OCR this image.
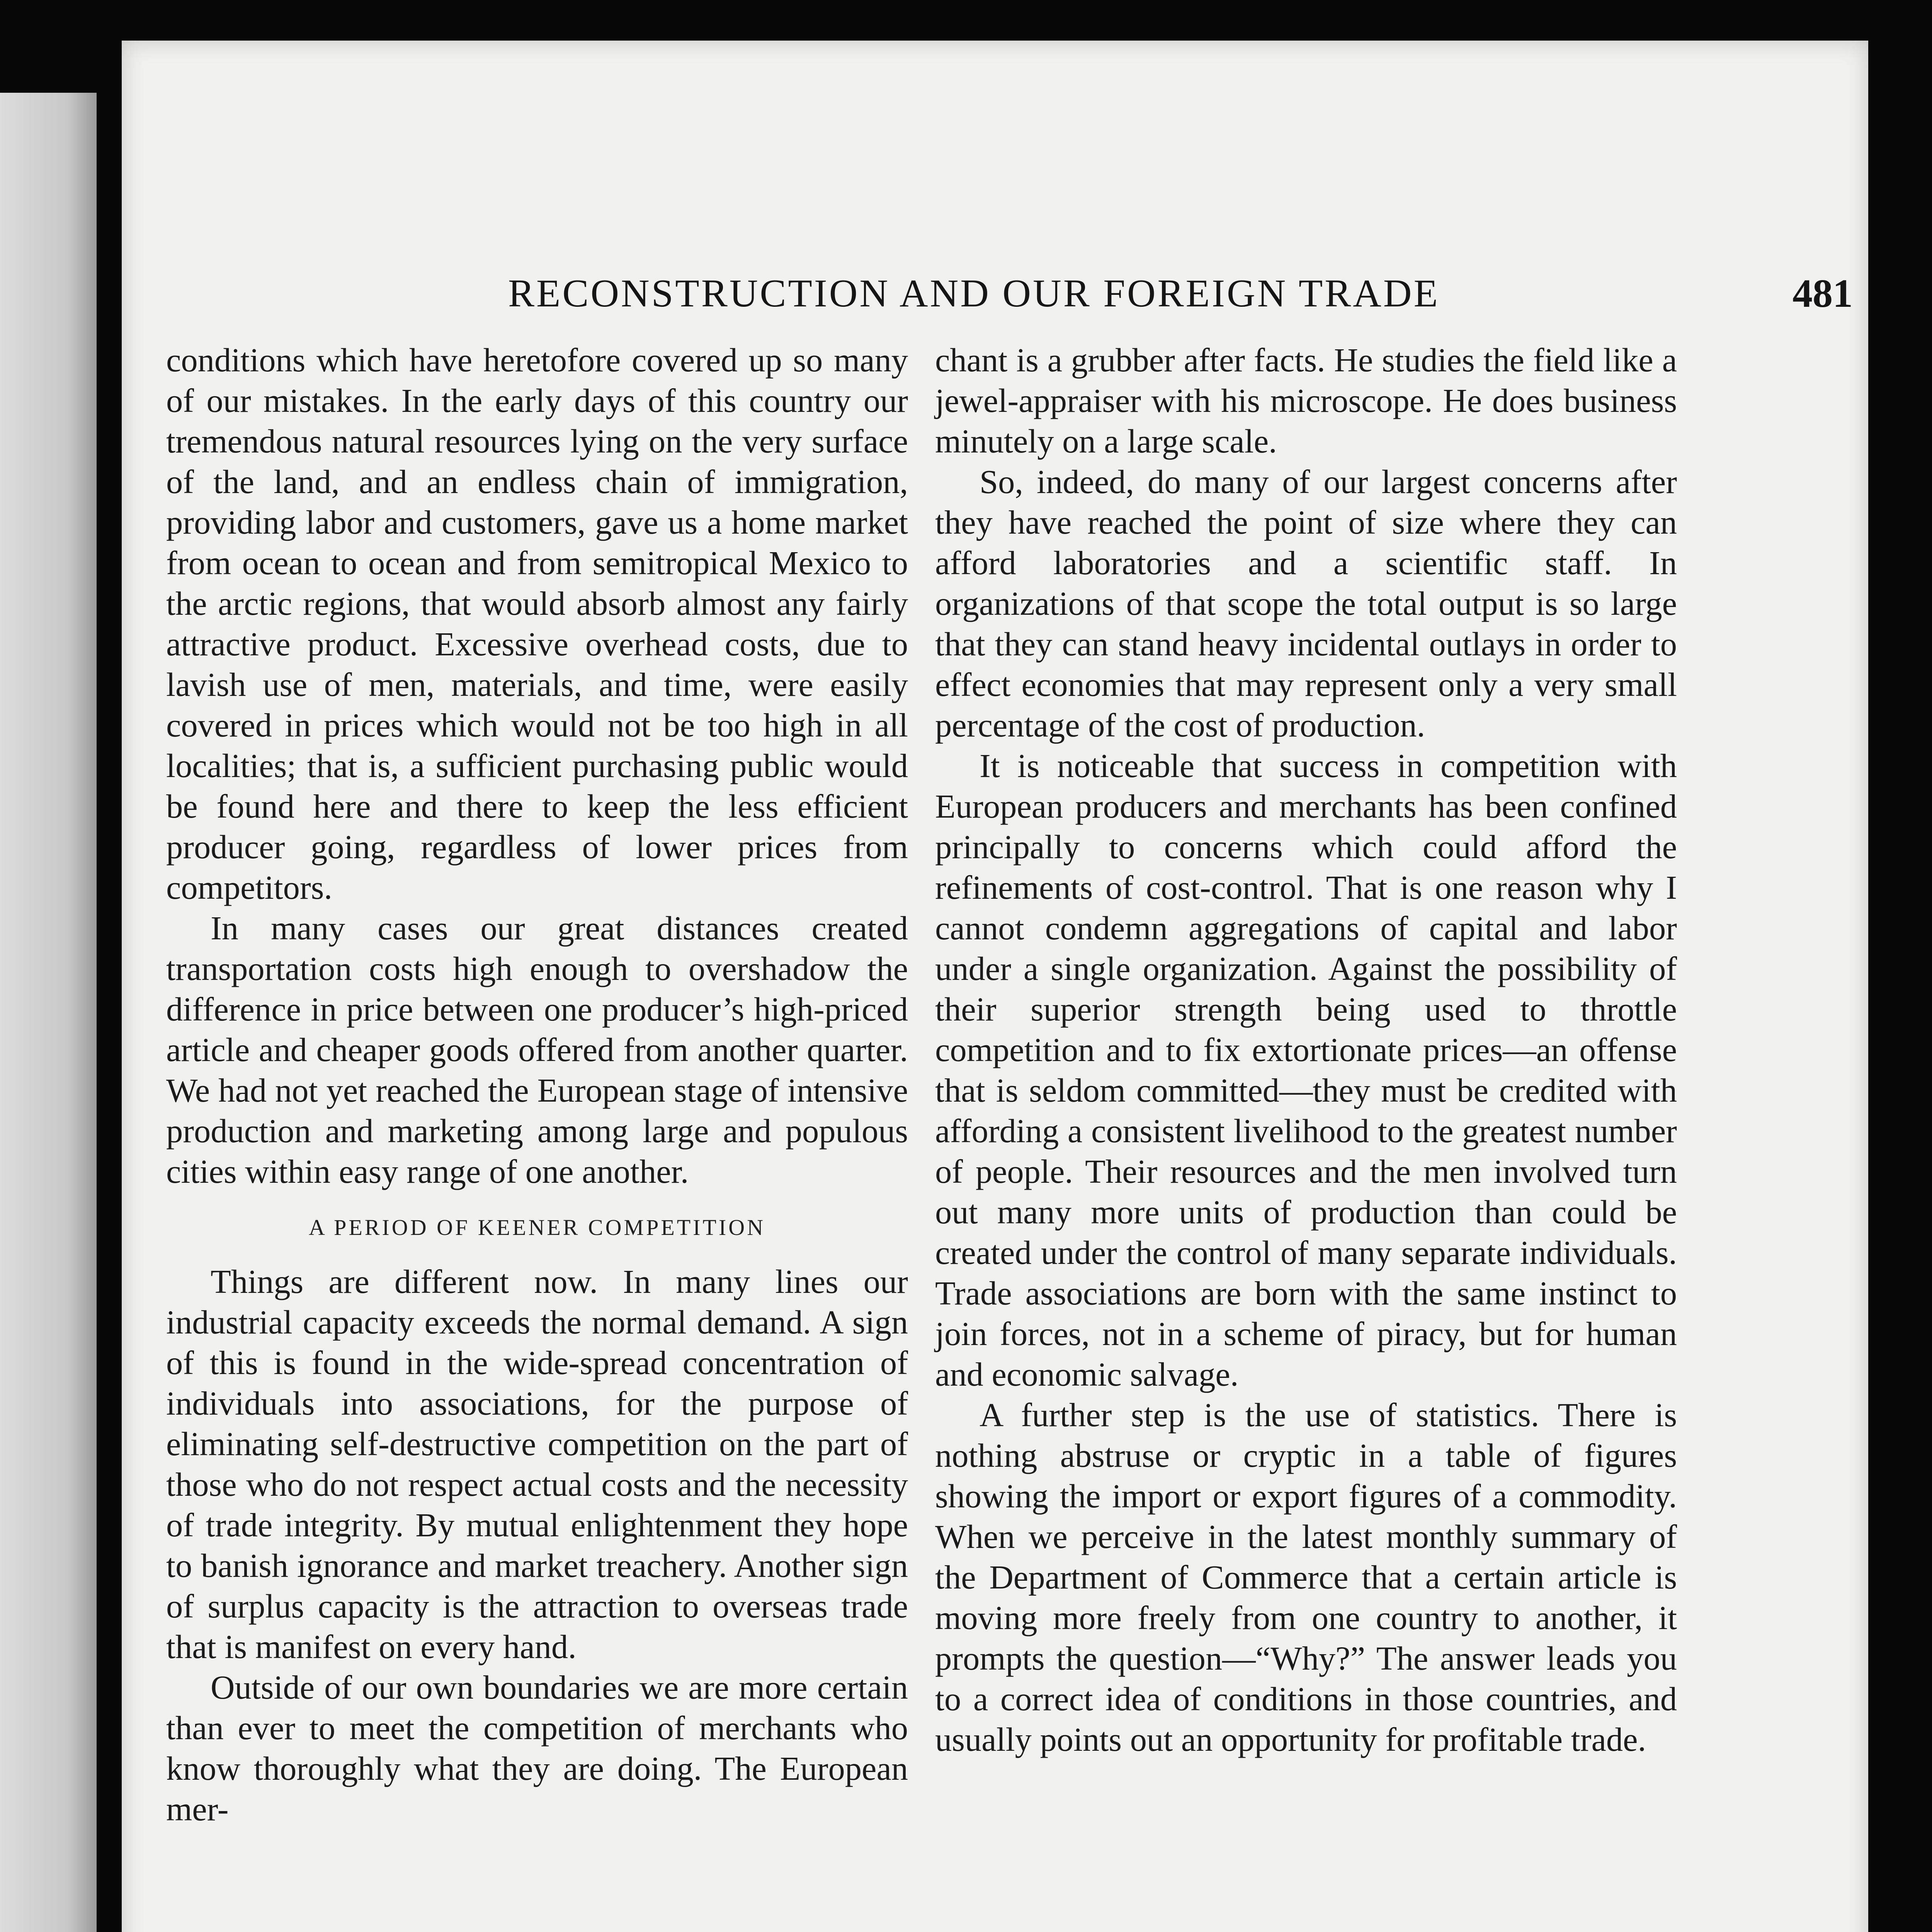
RECONSTRUCTION AND OUR FOREIGN TRADE	481

conditions which have heretofore covered up so many of our mistakes. In the early days of this country our tremendous natural resources lying on the very surface of the land, and an endless chain of immigration, providing labor and customers, gave us a home market from ocean to ocean and from semitropical Mexico to the arctic regions, that would absorb almost any fairly attractive product. Excessive overhead costs, due to lavish use of men, materials, and time, were easily covered in prices which would not be too high in all localities; that is, a sufficient purchasing public would be found here and there to keep the less efficient producer going, regardless of lower prices from competitors.

In many cases our great distances created transportation costs high enough to overshadow the difference in price between one producer’s high-priced article and cheaper goods offered from another quarter. We had not yet reached the European stage of intensive production and marketing among large and populous cities within easy range of one another.

A PERIOD OF KEENER COMPETITION

Things are different now. In many lines our industrial capacity exceeds the normal demand. A sign of this is found in the wide-spread concentration of individuals into associations, for the purpose of eliminating self-destructive competition on the part of those who do not respect actual costs and the necessity of trade integrity. By mutual enlightenment they hope to banish ignorance and market treachery. Another sign of surplus capacity is the attraction to overseas trade that is manifest on every hand.

Outside of our own boundaries we are more certain than ever to meet the competition of merchants who know thoroughly what they are doing. The European mer-

chant is a grubber after facts. He studies the field like a jewel-appraiser with his microscope. He does business minutely on a large scale.

So, indeed, do many of our largest concerns after they have reached the point of size where they can afford laboratories and a scientific staff. In organizations of that scope the total output is so large that they can stand heavy incidental outlays in order to effect economies that may represent only a very small percentage of the cost of production.

It is noticeable that success in competition with European producers and merchants has been confined principally to concerns which could afford the refinements of cost-control. That is one reason why I cannot condemn aggregations of capital and labor under a single organization. Against the possibility of their superior strength being used to throttle competition and to fix extortionate prices—an offense that is seldom committed—they must be credited with affording a consistent livelihood to the greatest number of people. Their resources and the men involved turn out many more units of production than could be created under the control of many separate individuals. Trade associations are born with the same instinct to join forces, not in a scheme of piracy, but for human and economic salvage.

A further step is the use of statistics. There is nothing abstruse or cryptic in a table of figures showing the import or export figures of a commodity. When we perceive in the latest monthly summary of the Department of Commerce that a certain article is moving more freely from one country to another, it prompts the question—“Why?” The answer leads you to a correct idea of conditions in those countries, and usually points out an opportunity for profitable trade.
